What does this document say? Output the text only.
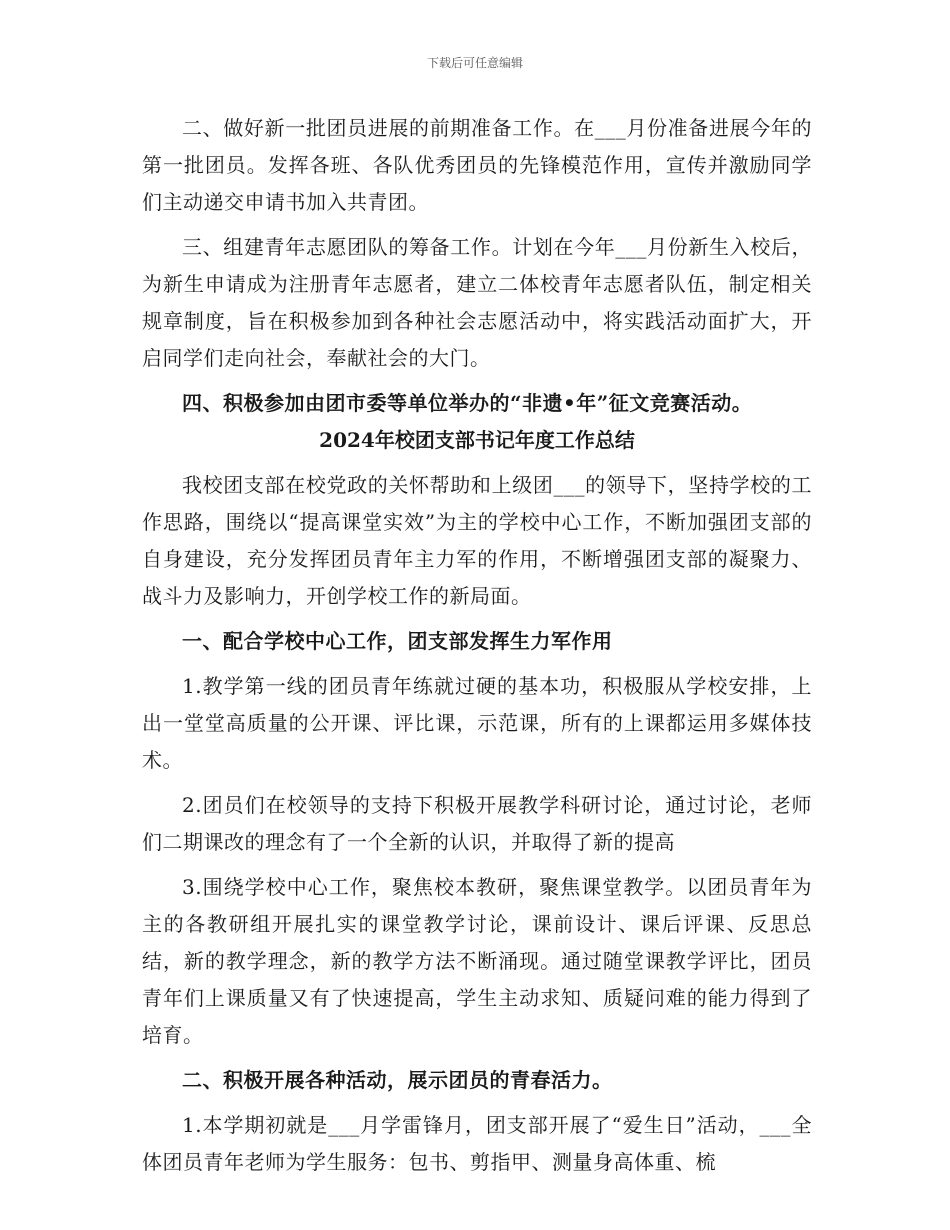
下载后可任意编辑

二、做好新一批团员进展的前期准备工作。在___月份准备进展今年的第一批团员。发挥各班、各队优秀团员的先锋模范作用，宣传并激励同学们主动递交申请书加入共青团。

三、组建青年志愿团队的筹备工作。计划在今年___月份新生入校后，为新生申请成为注册青年志愿者，建立二体校青年志愿者队伍，制定相关规章制度，旨在积极参加到各种社会志愿活动中，将实践活动面扩大，开启同学们走向社会，奉献社会的大门。

四、积极参加由团市委等单位举办的“非遗•年”征文竞赛活动。

2024年校团支部书记年度工作总结

我校团支部在校党政的关怀帮助和上级团___的领导下，坚持学校的工作思路，围绕以“提高课堂实效”为主的学校中心工作，不断加强团支部的自身建设，充分发挥团员青年主力军的作用，不断增强团支部的凝聚力、战斗力及影响力，开创学校工作的新局面。

一、配合学校中心工作，团支部发挥生力军作用

1.教学第一线的团员青年练就过硬的基本功，积极服从学校安排，上出一堂堂高质量的公开课、评比课，示范课，所有的上课都运用多媒体技术。

2.团员们在校领导的支持下积极开展教学科研讨论，通过讨论，老师们二期课改的理念有了一个全新的认识，并取得了新的提高

3.围绕学校中心工作，聚焦校本教研，聚焦课堂教学。以团员青年为主的各教研组开展扎实的课堂教学讨论，课前设计、课后评课、反思总结，新的教学理念，新的教学方法不断涌现。通过随堂课教学评比，团员青年们上课质量又有了快速提高，学生主动求知、质疑问难的能力得到了培育。

二、积极开展各种活动，展示团员的青春活力。

1.本学期初就是___月学雷锋月，团支部开展了“爱生日”活动，___全体团员青年老师为学生服务：包书、剪指甲、测量身高体重、梳
